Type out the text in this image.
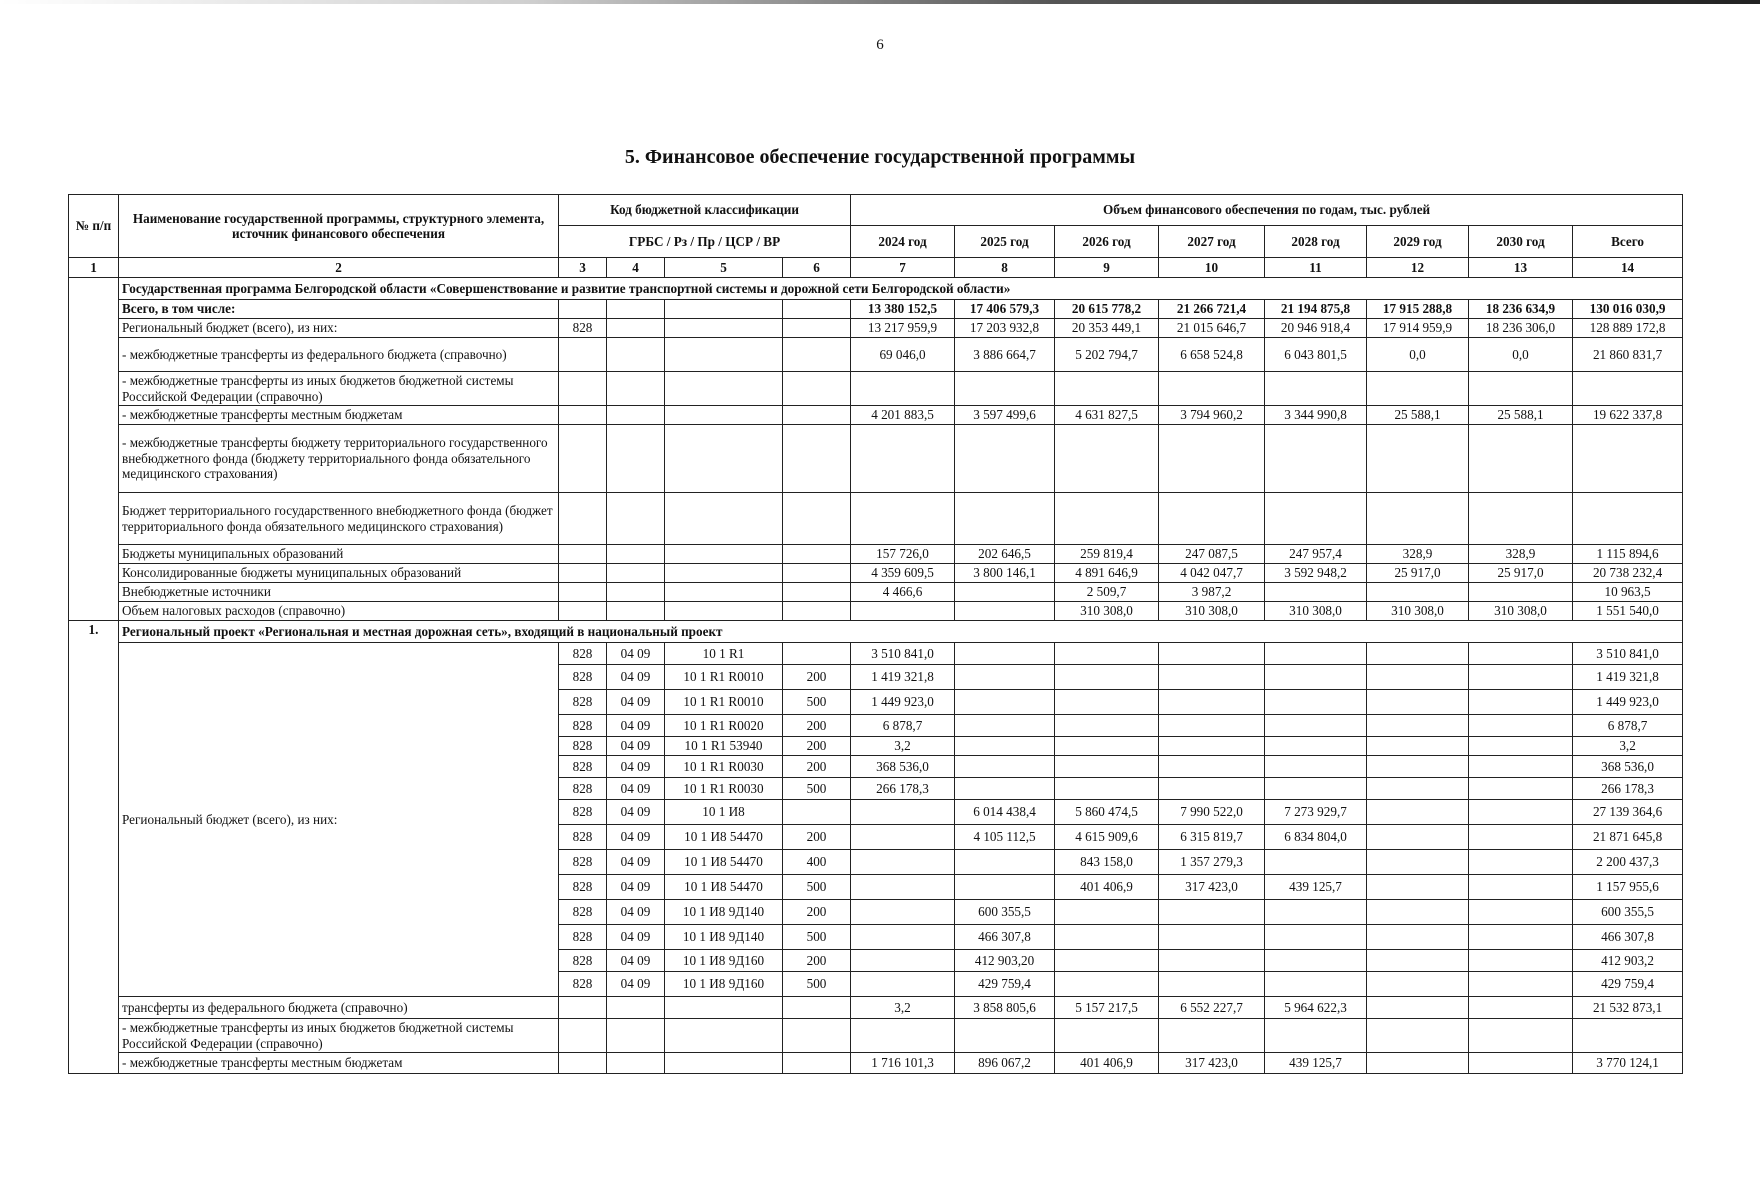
6
5. Финансовое обеспечение государственной программы
№ п/п	Наименование государственной программы, структурного элемента, источник финансового обеспечения	Код бюджетной классификации				Объем финансового обеспечения по годам, тыс. рублей							
		ГРБС / Рз / Пр / ЦСР / ВР				2024 год	2025 год	2026 год	2027 год	2028 год	2029 год	2030 год	Всего
1	2	3	4	5	6	7	8	9	10	11	12	13	14
	Государственная программа Белгородской области «Совершенствование и развитие транспортной системы и дорожной сети Белгородской области»												
	Всего, в том числе:					13 380 152,5	17 406 579,3	20 615 778,2	21 266 721,4	21 194 875,8	17 915 288,8	18 236 634,9	130 016 030,9
	Региональный бюджет (всего), из них:	828				13 217 959,9	17 203 932,8	20 353 449,1	21 015 646,7	20 946 918,4	17 914 959,9	18 236 306,0	128 889 172,8
	- межбюджетные трансферты из федерального бюджета (справочно)					69 046,0	3 886 664,7	5 202 794,7	6 658 524,8	6 043 801,5	0,0	0,0	21 860 831,7
	- межбюджетные трансферты из иных бюджетов бюджетной системы Российской Федерации (справочно)												
	- межбюджетные трансферты местным бюджетам					4 201 883,5	3 597 499,6	4 631 827,5	3 794 960,2	3 344 990,8	25 588,1	25 588,1	19 622 337,8
	- межбюджетные трансферты бюджету территориального государственного внебюджетного фонда (бюджету территориального фонда обязательного медицинского страхования)												
	Бюджет территориального государственного внебюджетного фонда (бюджет территориального фонда обязательного медицинского страхования)												
	Бюджеты муниципальных образований					157 726,0	202 646,5	259 819,4	247 087,5	247 957,4	328,9	328,9	1 115 894,6
	Консолидированные бюджеты муниципальных образований					4 359 609,5	3 800 146,1	4 891 646,9	4 042 047,7	3 592 948,2	25 917,0	25 917,0	20 738 232,4
	Внебюджетные источники					4 466,6		2 509,7	3 987,2				10 963,5
	Объем налоговых расходов (справочно)							310 308,0	310 308,0	310 308,0	310 308,0	310 308,0	1 551 540,0
1.	Региональный проект «Региональная и местная дорожная сеть», входящий в национальный проект												
	Региональный бюджет (всего), из них:	828	04 09	10 1 R1		3 510 841,0							3 510 841,0
		828	04 09	10 1 R1 R0010	200	1 419 321,8							1 419 321,8
		828	04 09	10 1 R1 R0010	500	1 449 923,0							1 449 923,0
		828	04 09	10 1 R1 R0020	200	6 878,7							6 878,7
		828	04 09	10 1 R1 53940	200	3,2							3,2
		828	04 09	10 1 R1 R0030	200	368 536,0							368 536,0
		828	04 09	10 1 R1 R0030	500	266 178,3							266 178,3
		828	04 09	10 1 И8			6 014 438,4	5 860 474,5	7 990 522,0	7 273 929,7			27 139 364,6
		828	04 09	10 1 И8 54470	200		4 105 112,5	4 615 909,6	6 315 819,7	6 834 804,0			21 871 645,8
		828	04 09	10 1 И8 54470	400			843 158,0	1 357 279,3				2 200 437,3
		828	04 09	10 1 И8 54470	500			401 406,9	317 423,0	439 125,7			1 157 955,6
		828	04 09	10 1 И8 9Д140	200		600 355,5						600 355,5
		828	04 09	10 1 И8 9Д140	500		466 307,8						466 307,8
		828	04 09	10 1 И8 9Д160	200		412 903,20						412 903,2
		828	04 09	10 1 И8 9Д160	500		429 759,4						429 759,4
	трансферты из федерального бюджета (справочно)					3,2	3 858 805,6	5 157 217,5	6 552 227,7	5 964 622,3			21 532 873,1
	- межбюджетные трансферты из иных бюджетов бюджетной системы Российской Федерации (справочно)												
	- межбюджетные трансферты местным бюджетам					1 716 101,3	896 067,2	401 406,9	317 423,0	439 125,7			3 770 124,1
